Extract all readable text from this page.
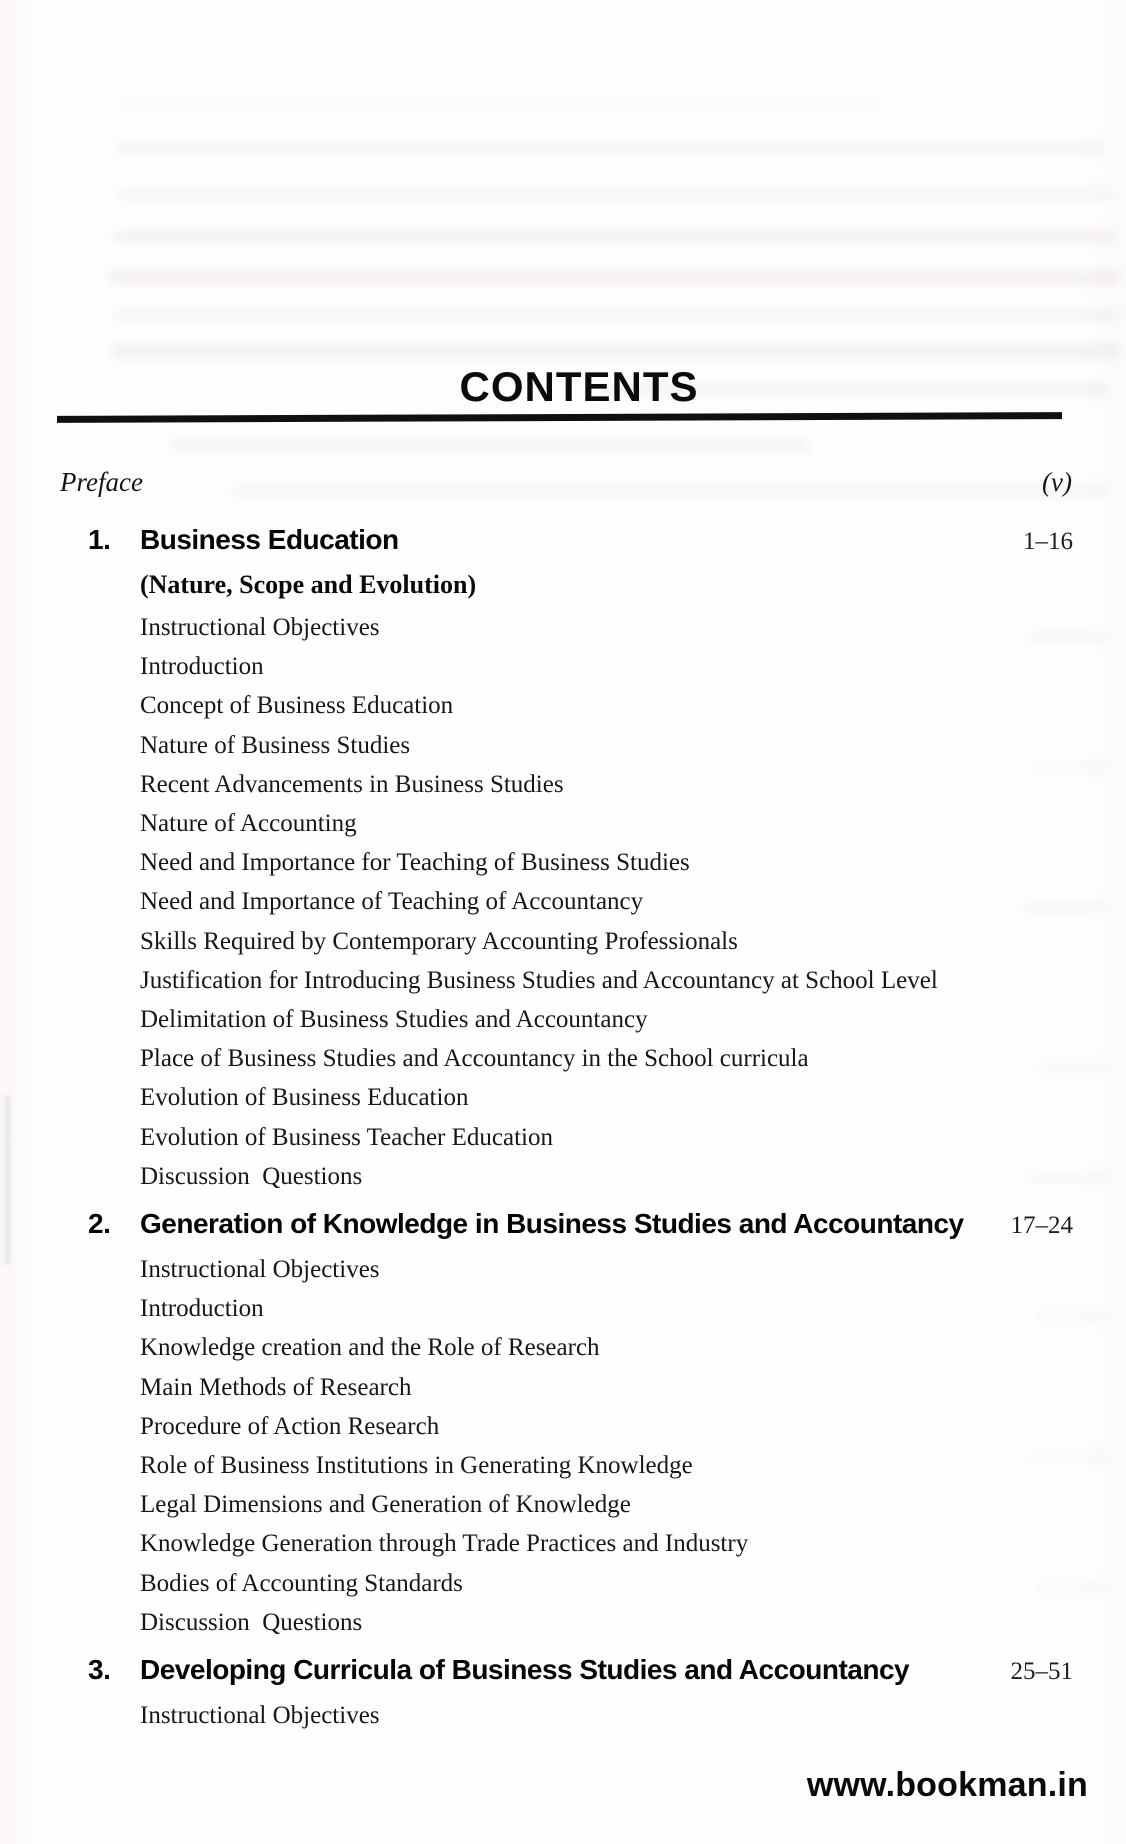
CONTENTS
Preface	(v)
1.	Business Education	1–16
(Nature, Scope and Evolution)
Instructional Objectives
Introduction
Concept of Business Education
Nature of Business Studies
Recent Advancements in Business Studies
Nature of Accounting
Need and Importance for Teaching of Business Studies
Need and Importance of Teaching of Accountancy
Skills Required by Contemporary Accounting Professionals
Justification for Introducing Business Studies and Accountancy at School Level
Delimitation of Business Studies and Accountancy
Place of Business Studies and Accountancy in the School curricula
Evolution of Business Education
Evolution of Business Teacher Education
Discussion  Questions
2.	Generation of Knowledge in Business Studies and Accountancy	17–24
Instructional Objectives
Introduction
Knowledge creation and the Role of Research
Main Methods of Research
Procedure of Action Research
Role of Business Institutions in Generating Knowledge
Legal Dimensions and Generation of Knowledge
Knowledge Generation through Trade Practices and Industry
Bodies of Accounting Standards
Discussion  Questions
3.	Developing Curricula of Business Studies and Accountancy	25–51
Instructional Objectives
www.bookman.in
